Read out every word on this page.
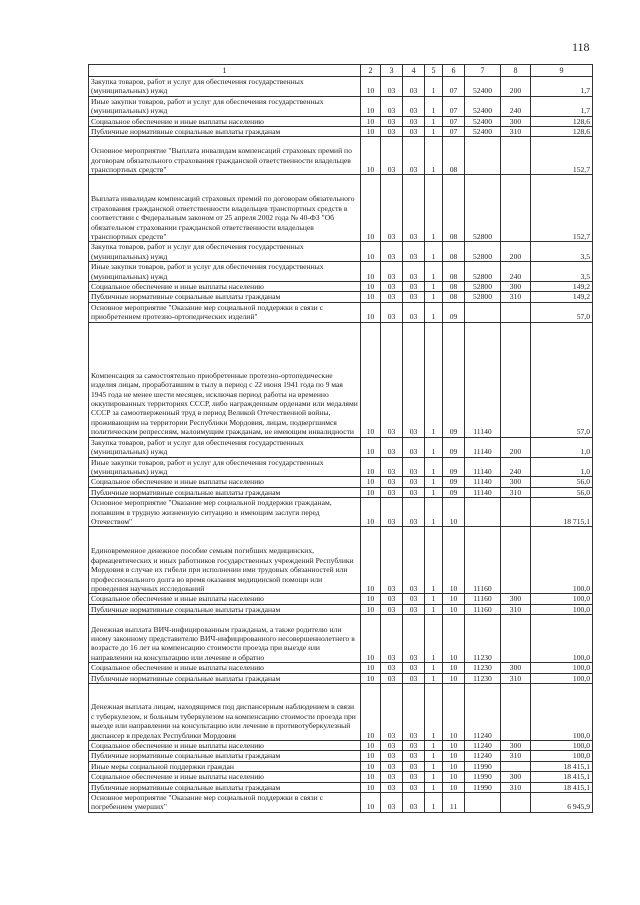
118
1	2	3	4	5	6	7	8	9
Закупка товаров, работ и услуг для обеспечения государственных (муниципальных) нужд	10	03	03	1	07	52400	200	1,7
Иные закупки товаров, работ и услуг для обеспечения государственных (муниципальных) нужд	10	03	03	1	07	52400	240	1,7
Социальное обеспечение и иные выплаты населению	10	03	03	1	07	52400	300	128,6
Публичные нормативные социальные выплаты гражданам	10	03	03	1	07	52400	310	128,6
Основное мероприятие "Выплата инвалидам компенсаций страховых премий по договорам обязательного страхования гражданской ответственности владельцев транспортных средств"	10	03	03	1	08			152,7
Выплата инвалидам компенсаций страховых премий по договорам обязательного страхования гражданской ответственности владельцев транспортных средств в соответствии с Федеральным законом от 25 апреля 2002 года № 40-ФЗ "Об обязательном страховании гражданской ответственности владельцев транспортных средств"	10	03	03	1	08	52800		152,7
Закупка товаров, работ и услуг для обеспечения государственных (муниципальных) нужд	10	03	03	1	08	52800	200	3,5
Иные закупки товаров, работ и услуг для обеспечения государственных (муниципальных) нужд	10	03	03	1	08	52800	240	3,5
Социальное обеспечение и иные выплаты населению	10	03	03	1	08	52800	300	149,2
Публичные нормативные социальные выплаты гражданам	10	03	03	1	08	52800	310	149,2
Основное мероприятие "Оказание мер социальной поддержки в связи с приобретением протезно-ортопедических изделий"	10	03	03	1	09			57,0
Компенсация за самостоятельно приобретенные протезно-ортопедические изделия лицам, проработавшим в тылу в период с 22 июня 1941 года по 9 мая 1945 года не менее шести месяцев, исключая период работы на временно оккупированных территориях СССР, либо награжденным орденами или медалями СССР за самоотверженный труд в период Великой Отечественной войны, проживающим на территории Республики Мордовия, лицам, подвергшимся политическим репрессиям, малоимущим гражданам, не имеющим инвалидности	10	03	03	1	09	11140		57,0
Закупка товаров, работ и услуг для обеспечения государственных (муниципальных) нужд	10	03	03	1	09	11140	200	1,0
Иные закупки товаров, работ и услуг для обеспечения государственных (муниципальных) нужд	10	03	03	1	09	11140	240	1,0
Социальное обеспечение и иные выплаты населению	10	03	03	1	09	11140	300	56,0
Публичные нормативные социальные выплаты гражданам	10	03	03	1	09	11140	310	56,0
Основное мероприятие "Оказание мер социальной поддержки гражданам, попавшим в трудную жизненную ситуацию и имеющим заслуги перед Отечеством"	10	03	03	1	10			18 715,1
Единовременное денежное пособие семьям погибших медицинских, фармацевтических и иных работников государственных учреждений Республики Мордовия в случае их гибели при исполнении ими трудовых обязанностей или профессионального долга во время оказания медицинской помощи или проведения научных исследований	10	03	03	1	10	11160		100,0
Социальное обеспечение и иные выплаты населению	10	03	03	1	10	11160	300	100,0
Публичные нормативные социальные выплаты гражданам	10	03	03	1	10	11160	310	100,0
Денежная выплата ВИЧ-инфицированным гражданам, а также родителю или иному законному представителю ВИЧ-инфицированного несовершеннолетнего в возрасте до 16 лет на компенсацию стоимости проезда при выезде или направлении на консультацию или лечение и обратно	10	03	03	1	10	11230		100,0
Социальное обеспечение и иные выплаты населению	10	03	03	1	10	11230	300	100,0
Публичные нормативные социальные выплаты гражданам	10	03	03	1	10	11230	310	100,0
Денежная выплата лицам, находящимся под диспансерным наблюдением в связи с туберкулезом, и больным туберкулезом на компенсацию стоимости проезда при выезде или направлении на консультацию или лечение в противотуберкулезный диспансер в пределах Республики Мордовия	10	03	03	1	10	11240		100,0
Социальное обеспечение и иные выплаты населению	10	03	03	1	10	11240	300	100,0
Публичные нормативные социальные выплаты гражданам	10	03	03	1	10	11240	310	100,0
Иные меры социальной поддержки граждан	10	03	03	1	10	11990		18 415,1
Социальное обеспечение и иные выплаты населению	10	03	03	1	10	11990	300	18 415,1
Публичные нормативные социальные выплаты гражданам	10	03	03	1	10	11990	310	18 415,1
Основное мероприятие "Оказание мер социальной поддержки в связи с погребением умерших"	10	03	03	1	11			6 945,9
